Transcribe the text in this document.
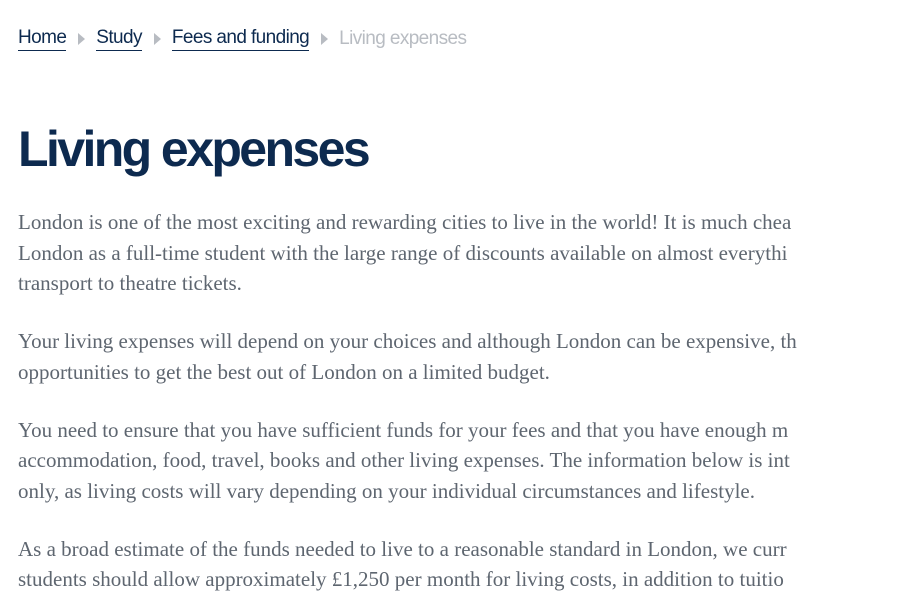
Home Study Fees and funding Living expenses
Living expenses

London is one of the most exciting and rewarding cities to live in the world! It is much chea
London as a full-time student with the large range of discounts available on almost everythi
transport to theatre tickets.

Your living expenses will depend on your choices and although London can be expensive, th
opportunities to get the best out of London on a limited budget.

You need to ensure that you have sufficient funds for your fees and that you have enough m
accommodation, food, travel, books and other living expenses. The information below is int
only, as living costs will vary depending on your individual circumstances and lifestyle.

As a broad estimate of the funds needed to live to a reasonable standard in London, we curr
students should allow approximately £1,250 per month for living costs, in addition to tuitio
